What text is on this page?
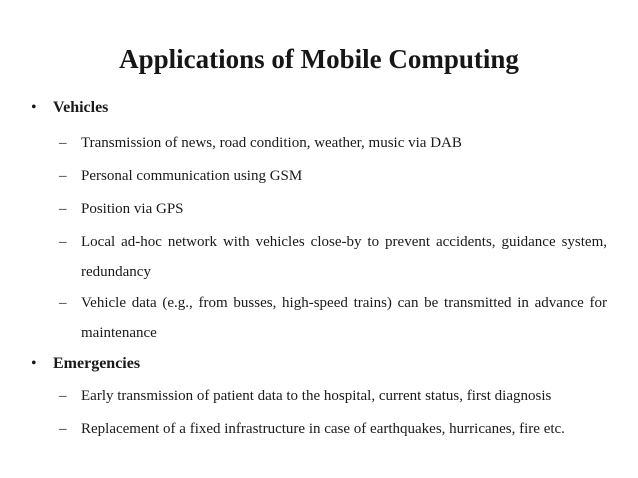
Applications of Mobile Computing
•	Vehicles
– Transmission of news, road condition, weather, music via DAB
– Personal communication using GSM
– Position via GPS
– Local ad-hoc network with vehicles close-by to prevent accidents, guidance system, redundancy
– Vehicle data (e.g., from busses, high-speed trains) can be transmitted in advance for maintenance
•	Emergencies
– Early transmission of patient data to the hospital, current status, first diagnosis
– Replacement of a fixed infrastructure in case of earthquakes, hurricanes, fire etc.
